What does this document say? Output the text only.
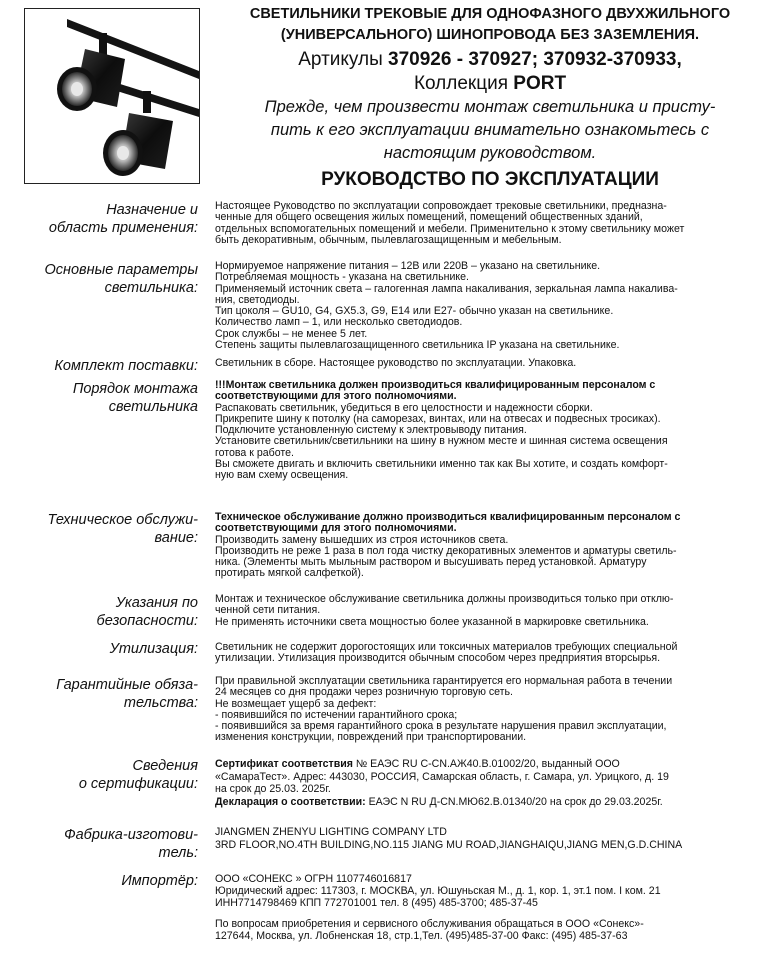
СВЕТИЛЬНИКИ ТРЕКОВЫЕ ДЛЯ ОДНОФАЗНОГО ДВУХЖИЛЬНОГО
(УНИВЕРСАЛЬНОГО) ШИНОПРОВОДА БЕЗ ЗАЗЕМЛЕНИЯ.
Артикулы 370926 - 370927; 370932-370933,
Коллекция PORT
Прежде, чем произвести монтаж светильника и присту-
пить к его эксплуатации внимательно ознакомьтесь с
настоящим руководством.
РУКОВОДСТВО ПО ЭКСПЛУАТАЦИИ
Назначение и
область применения:
Настоящее Руководство по эксплуатации сопровождает трековые светильники, предназна-
ченные для общего освещения жилых помещений, помещений общественных зданий,
отдельных вспомогательных помещений и мебели. Применительно к этому светильнику может
быть декоративным, обычным, пылевлагозащищенным и мебельным.
Основные параметры
светильника:
Нормируемое напряжение питания – 12В или 220В – указано на светильнике.
Потребляемая мощность - указана на светильнике.
Применяемый источник света – галогенная лампа накаливания, зеркальная лампа накалива-
ния, светодиоды.
Тип цоколя – GU10, G4, GX5.3, G9, E14 или E27- обычно указан на светильнике.
Количество ламп – 1, или несколько светодиодов.
Срок службы – не менее 5 лет.
Степень защиты пылевлагозащищенного светильника IP указана на светильнике.
Комплект поставки: Светильник в сборе. Настоящее руководство по эксплуатации. Упаковка.
Порядок монтажа
светильника
!!!Монтаж светильника должен производиться квалифицированным персоналом с
соответствующими для этого полномочиями.
Распаковать светильник, убедиться в его целостности и надежности сборки.
Прикрепите шину к потолку (на саморезах, винтах, или на отвесах и подвесных тросиках).
Подключите установленную систему к электровыводу питания.
Установите светильник/светильники на шину в нужном месте и шинная система освещения
готова к работе.
Вы сможете двигать и включить светильники именно так как Вы хотите, и создать комфорт-
ную вам схему освещения.
Техническое обслужи-
вание:
Техническое обслуживание должно производиться квалифицированным персоналом с
соответствующими для этого полномочиями.
Производить замену вышедших из строя источников света.
Производить не реже 1 раза в пол года чистку декоративных элементов и арматуры светиль-
ника. (Элементы мыть мыльным раствором и высушивать перед установкой. Арматуру
протирать мягкой салфеткой).
Указания по
безопасности:
Монтаж и техническое обслуживание светильника должны производиться только при отклю-
ченной сети питания.
Не применять источники света мощностью более указанной в маркировке светильника.
Утилизация: Светильник не содержит дорогостоящих или токсичных материалов требующих специальной
утилизации. Утилизация производится обычным способом через предприятия вторсырья.
Гарантийные обяза-
тельства:
При правильной эксплуатации светильника гарантируется его нормальная работа в течении
24 месяцев со дня продажи через розничную торговую сеть.
Не возмещает ущерб за дефект:
- появившийся по истечении гарантийного срока;
- появившийся за время гарантийного срока в результате нарушения правил эксплуатации,
изменения конструкции, повреждений при транспортировании.
Сведения
о сертификации:
Сертификат соответствия № ЕАЭС RU C-CN.АЖ40.В.01002/20, выданный ООО
«СамараТест». Адрес: 443030, РОССИЯ, Самарская область, г. Самара, ул. Урицкого, д. 19
на срок до 25.03. 2025г.
Декларация о соответствии: ЕАЭС N RU Д-CN.МЮ62.В.01340/20 на срок до 29.03.2025г.
Фабрика-изготови-
тель:
JIANGMEN ZHENYU LIGHTING COMPANY LTD
3RD FLOOR,NO.4TH BUILDING,NO.115 JIANG MU ROAD,JIANGHAIQU,JIANG MEN,G.D.CHINA
Импортёр: ООО «СОНЕКС » ОГРН 1107746016817
Юридический адрес: 117303, г. МОСКВА, ул. Юшуньская М., д. 1, кор. 1, эт.1 пом. I ком. 21
ИНН7714798469 КПП 772701001 тел. 8 (495) 485-3700; 485-37-45
По вопросам приобретения и сервисного обслуживания обращаться в ООО «Сонекс»-
127644, Москва, ул. Лобненская 18, стр.1,Тел. (495)485-37-00 Факс: (495) 485-37-63
